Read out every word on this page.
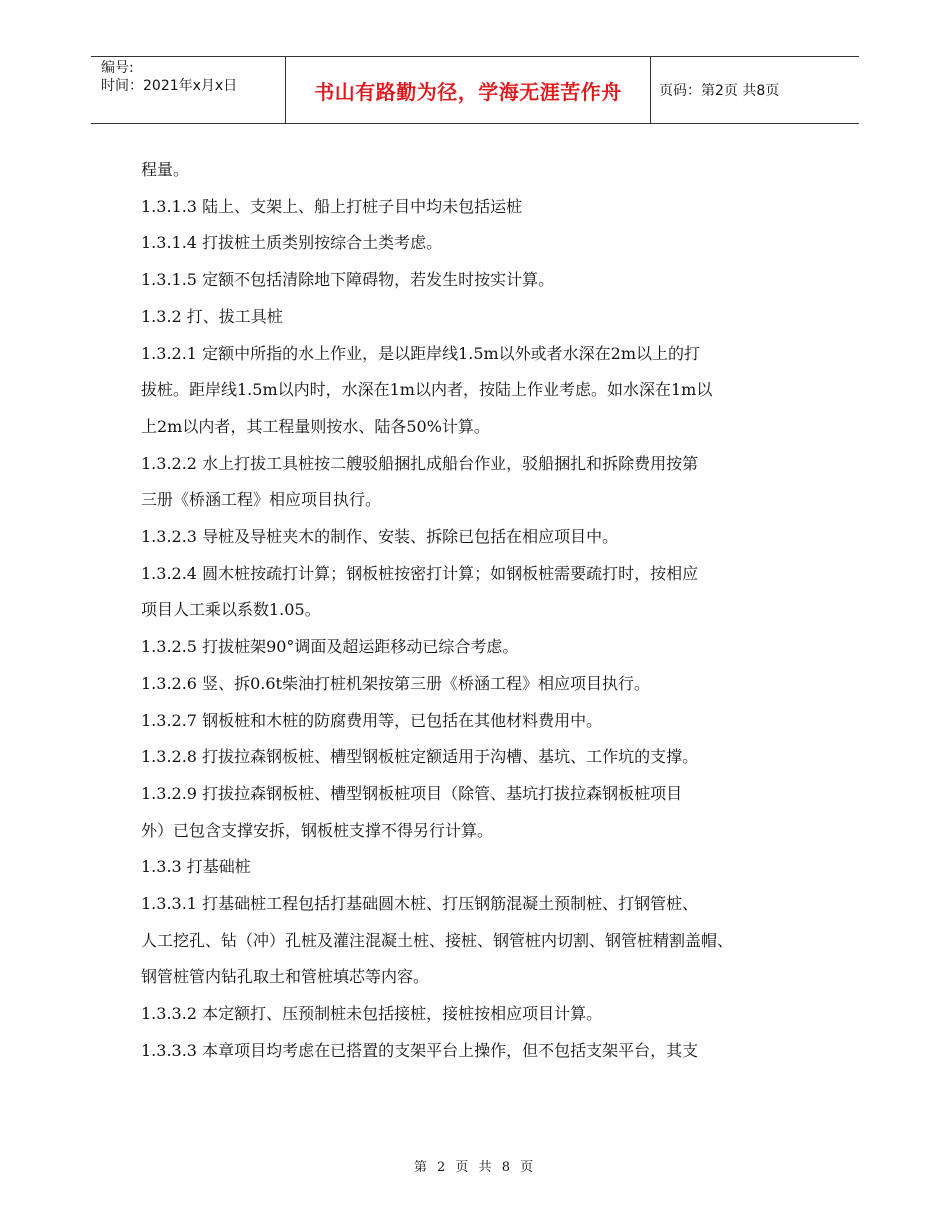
编号:
时间：2021年x月x日	书山有路勤为径，学海无涯苦作舟	页码：第2页 共8页

程量。

1.3.1.3 陆上、支架上、船上打桩子目中均未包括运桩

1.3.1.4 打拔桩土质类别按综合土类考虑。

1.3.1.5 定额不包括清除地下障碍物，若发生时按实计算。

1.3.2 打、拔工具桩

1.3.2.1 定额中所指的水上作业，是以距岸线1.5m以外或者水深在2m以上的打

拔桩。距岸线1.5m以内时，水深在1m以内者，按陆上作业考虑。如水深在1m以

上2m以内者，其工程量则按水、陆各50%计算。

1.3.2.2 水上打拔工具桩按二艘驳船捆扎成船台作业，驳船捆扎和拆除费用按第

三册《桥涵工程》相应项目执行。

1.3.2.3 导桩及导桩夹木的制作、安装、拆除已包括在相应项目中。

1.3.2.4 圆木桩按疏打计算；钢板桩按密打计算；如钢板桩需要疏打时，按相应

项目人工乘以系数1.05。

1.3.2.5 打拔桩架90°调面及超运距移动已综合考虑。

1.3.2.6 竖、拆0.6t柴油打桩机架按第三册《桥涵工程》相应项目执行。

1.3.2.7 钢板桩和木桩的防腐费用等，已包括在其他材料费用中。

1.3.2.8 打拔拉森钢板桩、槽型钢板桩定额适用于沟槽、基坑、工作坑的支撑。

1.3.2.9 打拔拉森钢板桩、槽型钢板桩项目（除管、基坑打拔拉森钢板桩项目

外）已包含支撑安拆，钢板桩支撑不得另行计算。

1.3.3 打基础桩

1.3.3.1 打基础桩工程包括打基础圆木桩、打压钢筋混凝土预制桩、打钢管桩、

人工挖孔、钻（冲）孔桩及灌注混凝土桩、接桩、钢管桩内切割、钢管桩精割盖帽、

钢管桩管内钻孔取土和管桩填芯等内容。

1.3.3.2 本定额打、压预制桩未包括接桩，接桩按相应项目计算。

1.3.3.3 本章项目均考虑在已搭置的支架平台上操作，但不包括支架平台，其支

第 2 页 共 8 页
